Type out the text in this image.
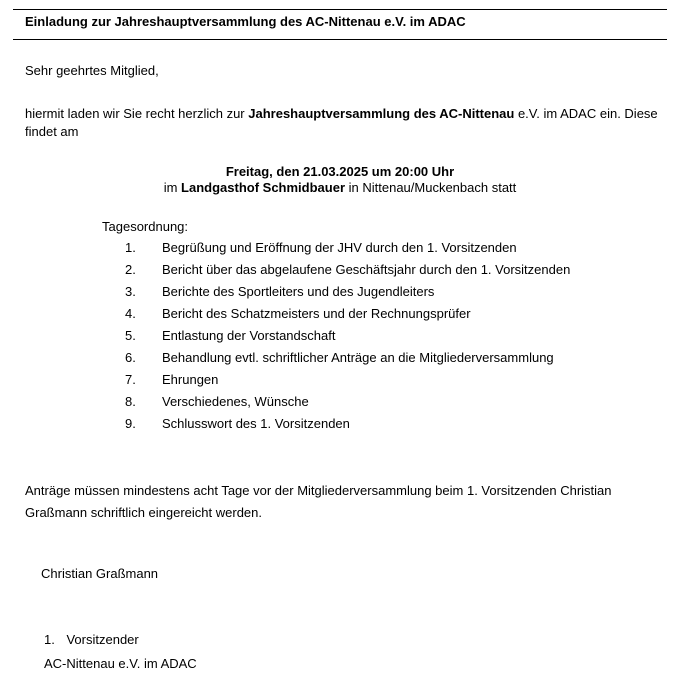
Einladung zur Jahreshauptversammlung des AC-Nittenau e.V. im ADAC
Sehr geehrtes Mitglied,
hiermit laden wir Sie recht herzlich zur Jahreshauptversammlung des AC-Nittenau e.V. im ADAC ein. Diese
findet am
Freitag, den 21.03.2025 um 20:00 Uhr
im Landgasthof Schmidbauer in Nittenau/Muckenbach statt
Tagesordnung:
1.	Begrüßung und Eröffnung der JHV durch den 1. Vorsitzenden
2.	Bericht über das abgelaufene Geschäftsjahr durch den 1. Vorsitzenden
3.	Berichte des Sportleiters und des Jugendleiters
4.	Bericht des Schatzmeisters und der Rechnungsprüfer
5.	Entlastung der Vorstandschaft
6.	Behandlung evtl. schriftlicher Anträge an die Mitgliederversammlung
7.	Ehrungen
8.	Verschiedenes, Wünsche
9.	Schlusswort des 1. Vorsitzenden
Anträge müssen mindestens acht Tage vor der Mitgliederversammlung beim 1. Vorsitzenden Christian
Graßmann schriftlich eingereicht werden.
Christian Graßmann
1. Vorsitzender
AC-Nittenau e.V. im ADAC
